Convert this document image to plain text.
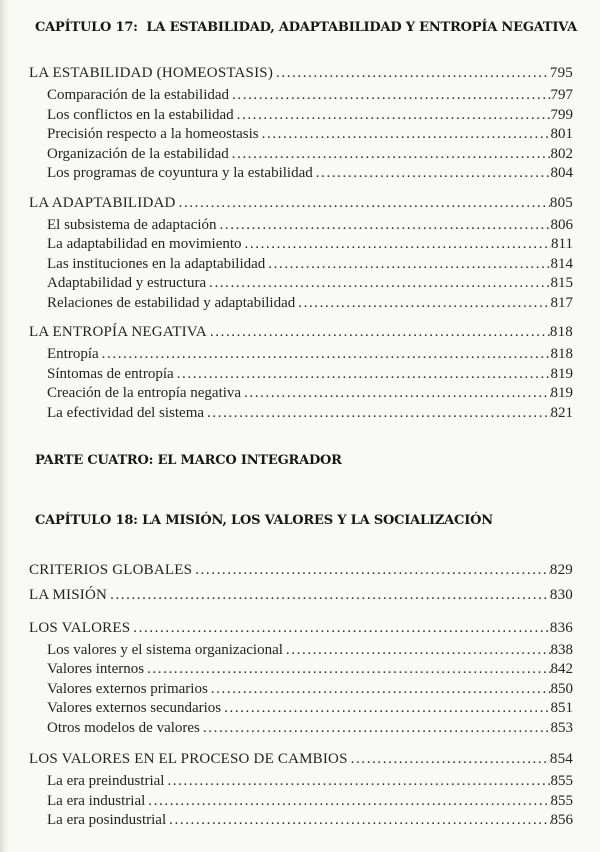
CAPÍTULO 17:  LA ESTABILIDAD, ADAPTABILIDAD Y ENTROPÍA NEGATIVA
LA ESTABILIDAD (HOMEOSTASIS) .....	795
Comparación de la estabilidad .....	797
Los conflictos en la estabilidad .....	799
Precisión respecto a la homeostasis .....	801
Organización de la estabilidad .....	802
Los programas de coyuntura y la estabilidad .....	804
LA ADAPTABILIDAD .....	805
El subsistema de adaptación .....	806
La adaptabilidad en movimiento .....	811
Las instituciones en la adaptabilidad .....	814
Adaptabilidad y estructura .....	815
Relaciones de estabilidad y adaptabilidad .....	817
LA ENTROPÍA NEGATIVA .....	818
Entropía .....	818
Síntomas de entropía .....	819
Creación de la entropía negativa .....	819
La efectividad del sistema .....	821
PARTE CUATRO: EL MARCO INTEGRADOR
CAPÍTULO 18: LA MISIÓN, LOS VALORES Y LA SOCIALIZACIÓN
CRITERIOS GLOBALES .....	829
LA MISIÓN .....	830
LOS VALORES .....	836
Los valores y el sistema organizacional .....	838
Valores internos .....	842
Valores externos primarios .....	850
Valores externos secundarios .....	851
Otros modelos de valores .....	853
LOS VALORES EN EL PROCESO DE CAMBIOS .....	854
La era preindustrial .....	855
La era industrial .....	855
La era posindustrial .....	856
